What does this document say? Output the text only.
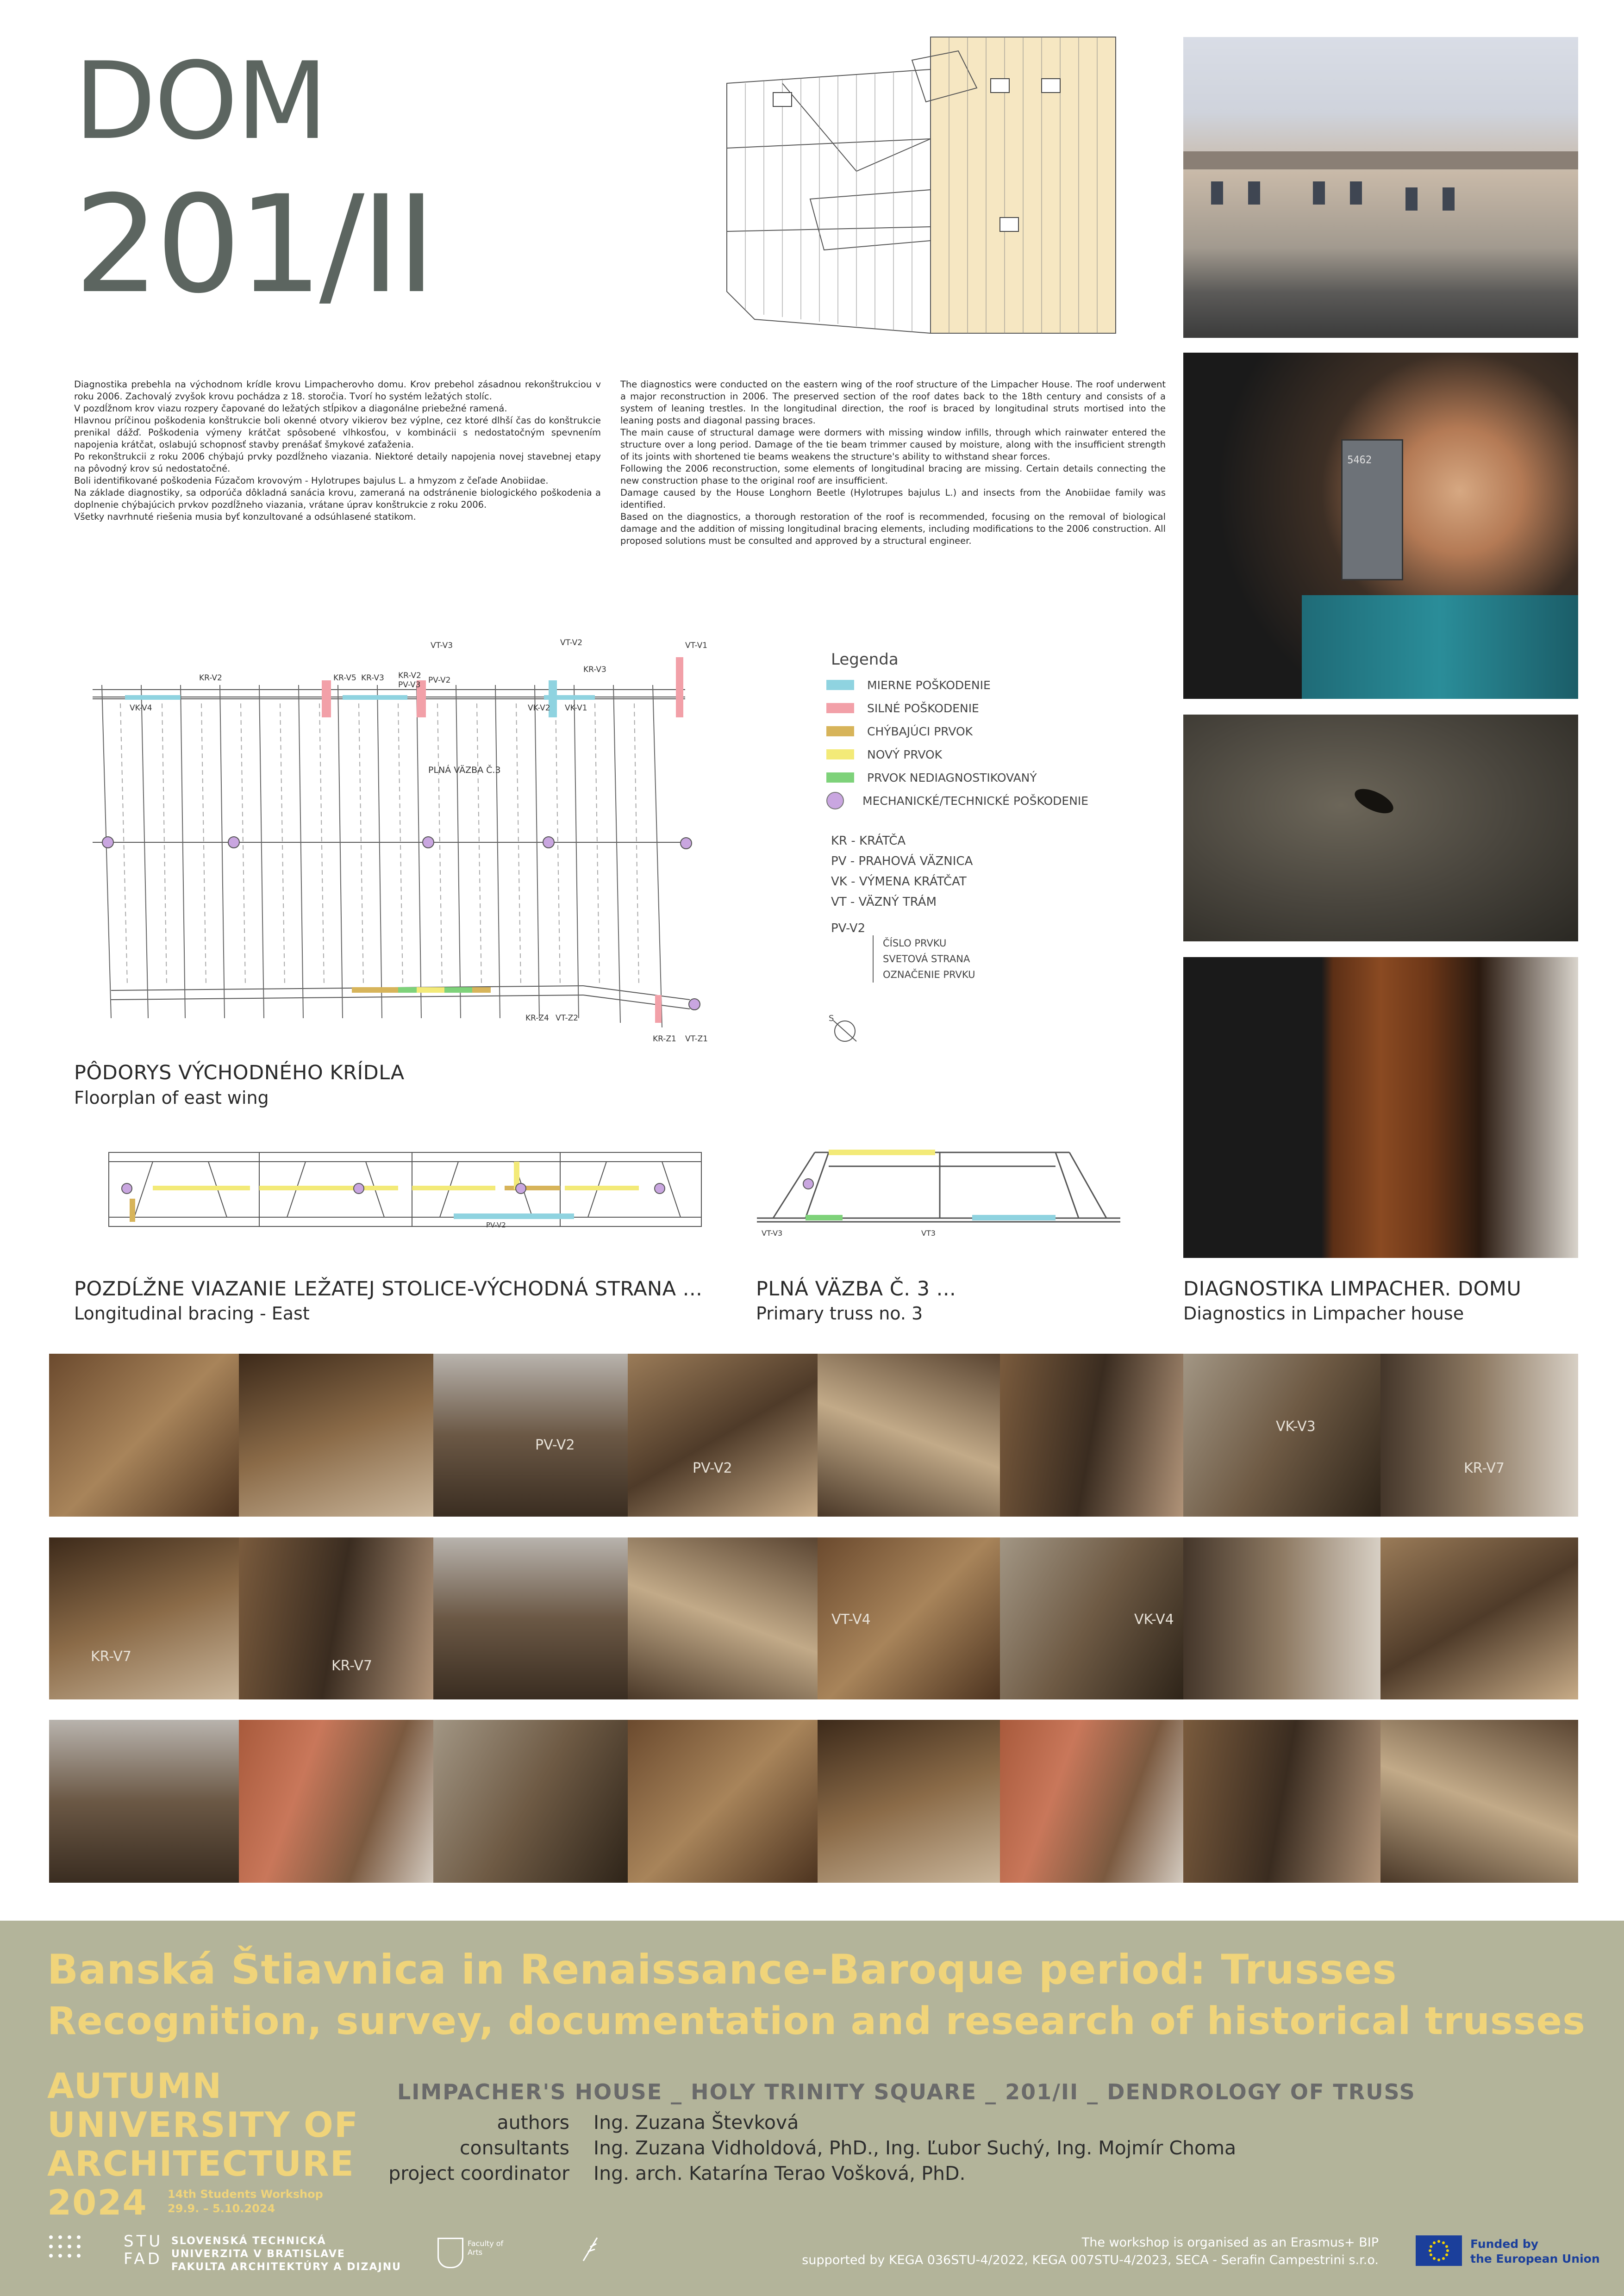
DOM
201/II
5462

Diagnostika prebehla na východnom krídle krovu Limpacherovho domu. Krov prebehol zásadnou rekonštrukciou v roku 2006. Zachovalý zvyšok krovu pochádza z 18. storočia. Tvorí ho systém ležatých stolíc.

V pozdĺžnom krov viazu rozpery čapované do ležatých stĺpikov a diagonálne priebežné ramená.

Hlavnou príčinou poškodenia konštrukcie boli okenné otvory vikierov bez výplne, cez ktoré dlhší čas do konštrukcie prenikal dážď. Poškodenia výmeny krátčat spôsobené vlhkosťou, v kombinácii s nedostatočným spevnením napojenia krátčat, oslabujú schopnosť stavby prenášať šmykové zaťaženia.

Po rekonštrukcii z roku 2006 chýbajú prvky pozdĺžneho viazania. Niektoré detaily napojenia novej stavebnej etapy na pôvodný krov sú nedostatočné.

Boli identifikované poškodenia Fúzačom krovovým - Hylotrupes bajulus L. a hmyzom z čeľade Anobiidae.

Na základe diagnostiky, sa odporúča dôkladná sanácia krovu, zameraná na odstránenie biologického poškodenia a doplnenie chýbajúcich prvkov pozdĺžneho viazania, vrátane úprav konštrukcie z roku 2006.

Všetky navrhnuté riešenia musia byť konzultované a odsúhlasené statikom.

The diagnostics were conducted on the eastern wing of the roof structure of the Limpacher House. The roof underwent a major reconstruction in 2006. The preserved section of the roof dates back to the 18th century and consists of a system of leaning trestles. In the longitudinal direction, the roof is braced by longitudinal struts mortised into the leaning posts and diagonal passing braces.

The main cause of structural damage were dormers with missing window infills, through which rainwater entered the structure over a long period. Damage of the tie beam trimmer caused by moisture, along with the insufficient strength of its joints with shortened tie beams weakens the structure's ability to withstand shear forces.

Following the 2006 reconstruction, some elements of longitudinal bracing are missing. Certain details connecting the new construction phase to the original roof are insufficient.

Damage caused by the House Longhorn Beetle (Hylotrupes bajulus L.) and insects from the Anobiidae family was identified.

Based on the diagnostics, a thorough restoration of the roof is recommended, focusing on the removal of biological damage and the addition of missing longitudinal bracing elements, including modifications to the 2006 construction. All proposed solutions must be consulted and approved by a structural engineer.

KR-V2	KR-V5 KR-V3 KR-V2
PV-V3 PV-V2
VT-V3	VT-V2
KR-V3
VT-V1
VK-V4	VK-V2 VK-V1
PLNÁ VÄZBA Č.3
KR-Z4 VT-Z2
KR-Z1 VT-Z1
Legenda
MIERNE POŠKODENIE
SILNÉ POŠKODENIE
CHÝBAJÚCI PRVOK
NOVÝ PRVOK
PRVOK NEDIAGNOSTIKOVANÝ
MECHANICKÉ/TECHNICKÉ POŠKODENIE
KR - KRÁTČA
PV - PRAHOVÁ VÄZNICA
VK - VÝMENA KRÁTČAT
VT - VÄZNÝ TRÁM
PV-V2
ČÍSLO PRVKU
SVETOVÁ STRANA
OZNAČENIE PRVKU
S
PÔDORYS VÝCHODNÉHO KRÍDLA
Floorplan of east wing
PV-V2
VT-V3	VT3
POZDĹŽNE VIAZANIE LEŽATEJ STOLICE-VÝCHODNÁ STRANA ...
Longitudinal bracing - East
PLNÁ VÄZBA Č. 3 ...
Primary truss no. 3
DIAGNOSTIKA LIMPACHER. DOMU
Diagnostics in Limpacher house
PV-V2
PV-V2
VK-V3
KR-V7
KR-V7
KR-V7
VT-V4	VK-V4
Banská Štiavnica in Renaissance-Baroque period: Trusses
Recognition, survey, documentation and research of historical trusses
AUTUMN
UNIVERSITY OF
ARCHITECTURE
2024	14th Students Workshop
29.9. – 5.10.2024
LIMPACHER'S HOUSE _ HOLY TRINITY SQUARE _ 201/II _ DENDROLOGY OF TRUSS
authors Ing. Zuzana Števková
consultants Ing. Zuzana Vidholdová, PhD., Ing. Ľubor Suchý, Ing. Mojmír Choma
project coordinator Ing. arch. Katarína Terao Vošková, PhD.
STU
FAD
SLOVENSKÁ TECHNICKÁ
UNIVERZITA V BRATISLAVE
FAKULTA ARCHITEKTÚRY A DIZAJNU
Faculty of Arts
The workshop is organised as an Erasmus+ BIP
supported by KEGA 036STU-4/2022, KEGA 007STU-4/2023, SECA - Serafin Campestrini s.r.o.
Funded by
the European Union
